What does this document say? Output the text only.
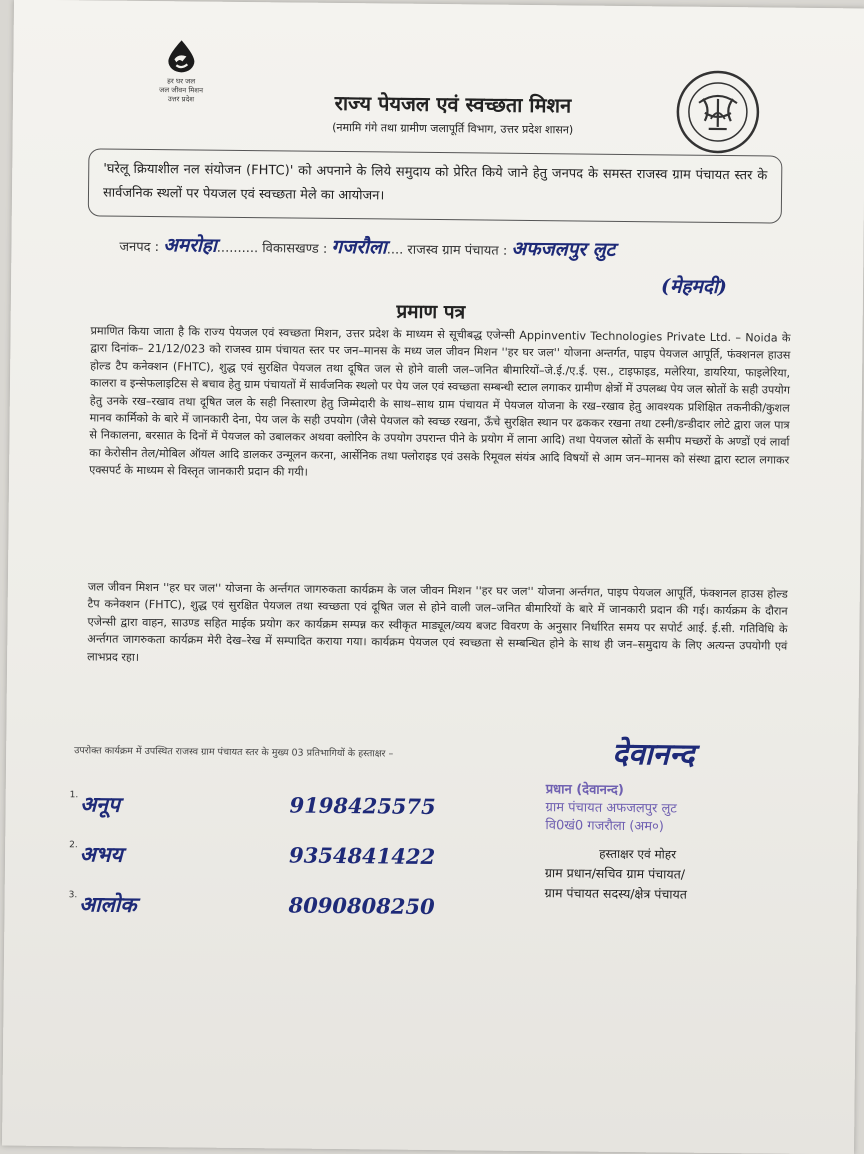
हर घर जल
जल जीवन मिशन
उत्तर प्रदेश	राज्य पेयजल एवं स्वच्छता मिशन
(नमामि गंगे तथा ग्रामीण जलापूर्ति विभाग, उत्तर प्रदेश शासन)
'घरेलू क्रियाशील नल संयोजन (FHTC)' को अपनाने के लिये समुदाय को प्रेरित किये जाने हेतु जनपद के समस्त राजस्व ग्राम पंचायत स्तर के सार्वजनिक स्थलों पर पेयजल एवं स्वच्छता मेले का आयोजन।
जनपद : अमरोहा.......... विकासखण्ड : गजरौला.... राजस्व ग्राम पंचायत : अफजलपुर लुट
(मेहमदी)
प्रमाण पत्र
प्रमाणित किया जाता है कि राज्य पेयजल एवं स्वच्छता मिशन, उत्तर प्रदेश के माध्यम से सूचीबद्ध एजेन्सी Appinventiv Technologies Private Ltd. – Noida के द्वारा दिनांक– 21/12/023 को राजस्व ग्राम पंचायत स्तर पर जन–मानस के मध्य जल जीवन मिशन ''हर घर जल'' योजना अन्तर्गत, पाइप पेयजल आपूर्ति, फंक्शनल हाउस होल्ड टैप कनेक्शन (FHTC), शुद्ध एवं सुरक्षित पेयजल तथा दूषित जल से होने वाली जल–जनित बीमारियों–जे.ई./ए.ई. एस., टाइफाइड, मलेरिया, डायरिया, फाइलेरिया, कालरा व इन्सेफलाइटिस से बचाव हेतु ग्राम पंचायतों में सार्वजनिक स्थलो पर पेय जल एवं स्वच्छता सम्बन्धी स्टाल लगाकर ग्रामीण क्षेत्रों में उपलब्ध पेय जल स्रोतों के सही उपयोग हेतु उनके रख–रखाव तथा दूषित जल के सही निस्तारण हेतु जिम्मेदारी के साथ–साथ ग्राम पंचायत में पेयजल योजना के रख–रखाव हेतु आवश्यक प्रशिक्षित तकनीकी/कुशल मानव कार्मिको के बारे में जानकारी देना, पेय जल के सही उपयोग (जैसे पेयजल को स्वच्छ रखना, ऊँचे सुरक्षित स्थान पर ढककर रखना तथा टस्नी/डन्डीदार लोटे द्वारा जल पात्र से निकालना, बरसात के दिनों में पेयजल को उबालकर अथवा क्लोरिन के उपयोग उपरान्त पीने के प्रयोग में लाना आदि) तथा पेयजल स्रोतों के समीप मच्छरों के अण्डों एवं लार्वा का केरोसीन तेल/मोबिल ऑयल आदि डालकर उन्मूलन करना, आर्सेनिक तथा फ्लोराइड एवं उसके रिमूवल संयंत्र आदि विषयों से आम जन–मानस को संस्था द्वारा स्टाल लगाकर एक्सपर्ट के माध्यम से विस्तृत जानकारी प्रदान की गयी।
जल जीवन मिशन ''हर घर जल'' योजना के अर्न्तगत जागरुकता कार्यक्रम के जल जीवन मिशन ''हर घर जल'' योजना अर्न्तगत, पाइप पेयजल आपूर्ति, फंक्शनल हाउस होल्ड टैप कनेक्शन (FHTC), शुद्ध एवं सुरक्षित पेयजल तथा स्वच्छता एवं दूषित जल से होने वाली जल–जनित बीमारियों के बारे में जानकारी प्रदान की गई। कार्यक्रम के दौरान एजेन्सी द्वारा वाहन, साउण्ड सहित माईक प्रयोग कर कार्यक्रम सम्पन्न कर स्वीकृत माड्यूल/व्यय बजट विवरण के अनुसार निर्धारित समय पर सपोर्ट आई. ई.सी. गतिविधि के अर्न्तगत जागरुकता कार्यक्रम मेरी देख–रेख में सम्पादित कराया गया। कार्यक्रम पेयजल एवं स्वच्छता से सम्बन्धित होने के साथ ही जन–समुदाय के लिए अत्यन्त उपयोगी एवं लाभप्रद रहा।
उपरोक्त कार्यक्रम में उपस्थित राजस्व ग्राम पंचायत स्तर के मुख्य 03 प्रतिभागियों के हस्ताक्षर –
$^{1.}$अनूप	9198425575
$^{2.}$अभय	9354841422
$^{3.}$आलोक	8090808250
देवानन्द
प्रधान (देवानन्द)
ग्राम पंचायत अफजलपुर लुट
वि0खं0 गजरौला (अम०)
हस्ताक्षर एवं मोहर
ग्राम प्रधान/सचिव ग्राम पंचायत/
ग्राम पंचायत सदस्य/क्षेत्र पंचायत
